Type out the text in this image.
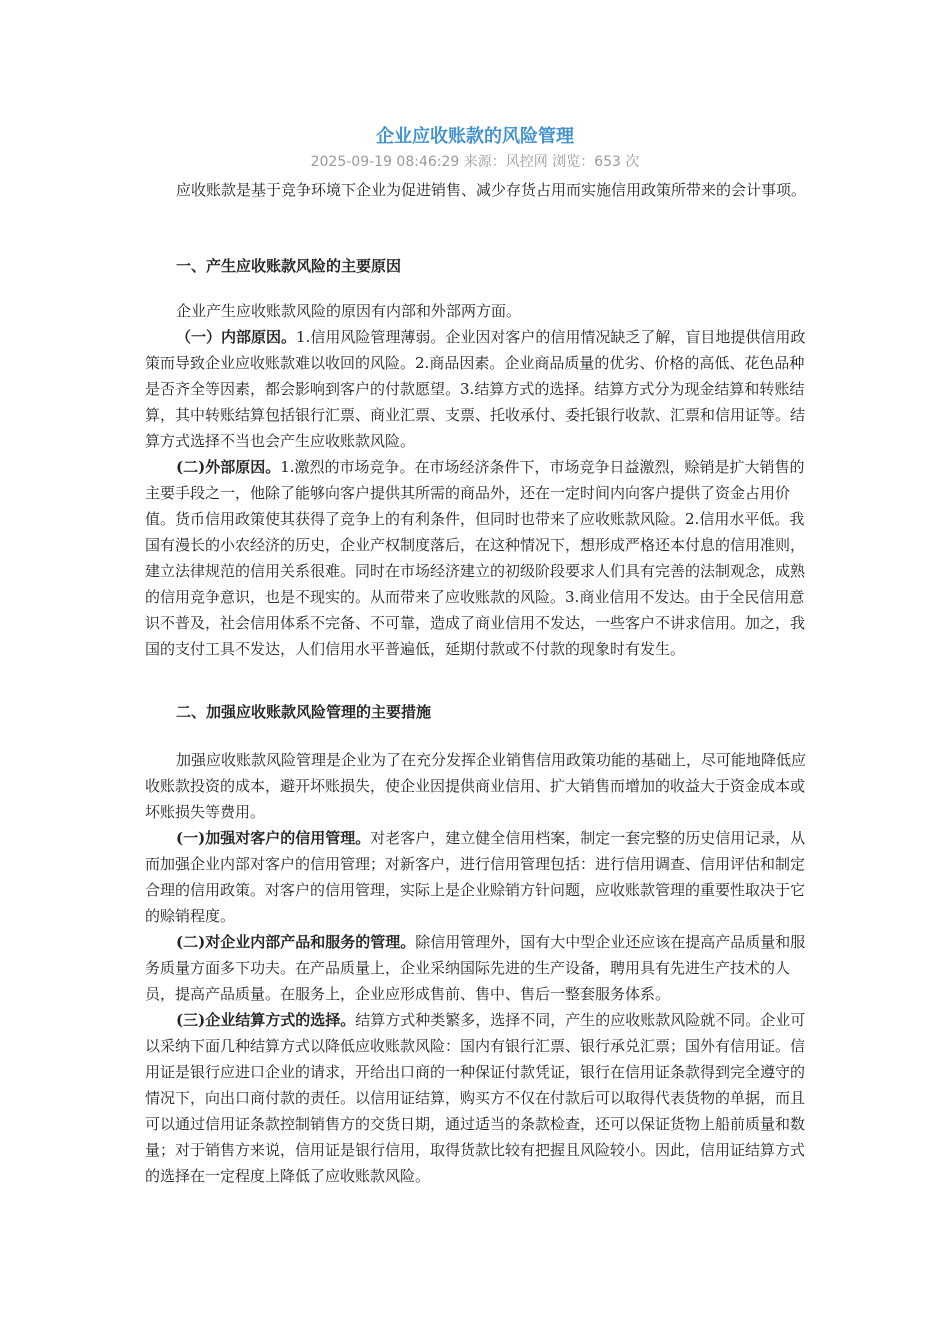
企业应收账款的风险管理
2025-09-19 08:46:29 来源：风控网 浏览：653 次

应收账款是基于竞争环境下企业为促进销售、减少存货占用而实施信用政策所带来的会计事项。

一、产生应收账款风险的主要原因

企业产生应收账款风险的原因有内部和外部两方面。

（一）内部原因。1.信用风险管理薄弱。企业因对客户的信用情况缺乏了解，盲目地提供信用政策而导致企业应收账款难以收回的风险。2.商品因素。企业商品质量的优劣、价格的高低、花色品种是否齐全等因素，都会影响到客户的付款愿望。3.结算方式的选择。结算方式分为现金结算和转账结算，其中转账结算包括银行汇票、商业汇票、支票、托收承付、委托银行收款、汇票和信用证等。结算方式选择不当也会产生应收账款风险。

(二)外部原因。1.激烈的市场竞争。在市场经济条件下，市场竞争日益激烈，赊销是扩大销售的主要手段之一，他除了能够向客户提供其所需的商品外，还在一定时间内向客户提供了资金占用价值。货币信用政策使其获得了竞争上的有利条件，但同时也带来了应收账款风险。2.信用水平低。我国有漫长的小农经济的历史，企业产权制度落后，在这种情况下，想形成严格还本付息的信用准则，建立法律规范的信用关系很难。同时在市场经济建立的初级阶段要求人们具有完善的法制观念，成熟的信用竞争意识，也是不现实的。从而带来了应收账款的风险。3.商业信用不发达。由于全民信用意识不普及，社会信用体系不完备、不可靠，造成了商业信用不发达，一些客户不讲求信用。加之，我国的支付工具不发达，人们信用水平普遍低，延期付款或不付款的现象时有发生。

二、加强应收账款风险管理的主要措施

加强应收账款风险管理是企业为了在充分发挥企业销售信用政策功能的基础上，尽可能地降低应收账款投资的成本，避开坏账损失，使企业因提供商业信用、扩大销售而增加的收益大于资金成本或坏账损失等费用。

(一)加强对客户的信用管理。对老客户，建立健全信用档案，制定一套完整的历史信用记录，从而加强企业内部对客户的信用管理；对新客户，进行信用管理包括：进行信用调查、信用评估和制定合理的信用政策。对客户的信用管理，实际上是企业赊销方针问题，应收账款管理的重要性取决于它的赊销程度。

(二)对企业内部产品和服务的管理。除信用管理外，国有大中型企业还应该在提高产品质量和服务质量方面多下功夫。在产品质量上，企业采纳国际先进的生产设备，聘用具有先进生产技术的人员，提高产品质量。在服务上，企业应形成售前、售中、售后一整套服务体系。

(三)企业结算方式的选择。结算方式种类繁多，选择不同，产生的应收账款风险就不同。企业可以采纳下面几种结算方式以降低应收账款风险：国内有银行汇票、银行承兑汇票；国外有信用证。信用证是银行应进口企业的请求，开给出口商的一种保证付款凭证，银行在信用证条款得到完全遵守的情况下，向出口商付款的责任。以信用证结算，购买方不仅在付款后可以取得代表货物的单据，而且可以通过信用证条款控制销售方的交货日期，通过适当的条款检查，还可以保证货物上船前质量和数量；对于销售方来说，信用证是银行信用，取得货款比较有把握且风险较小。因此，信用证结算方式的选择在一定程度上降低了应收账款风险。
